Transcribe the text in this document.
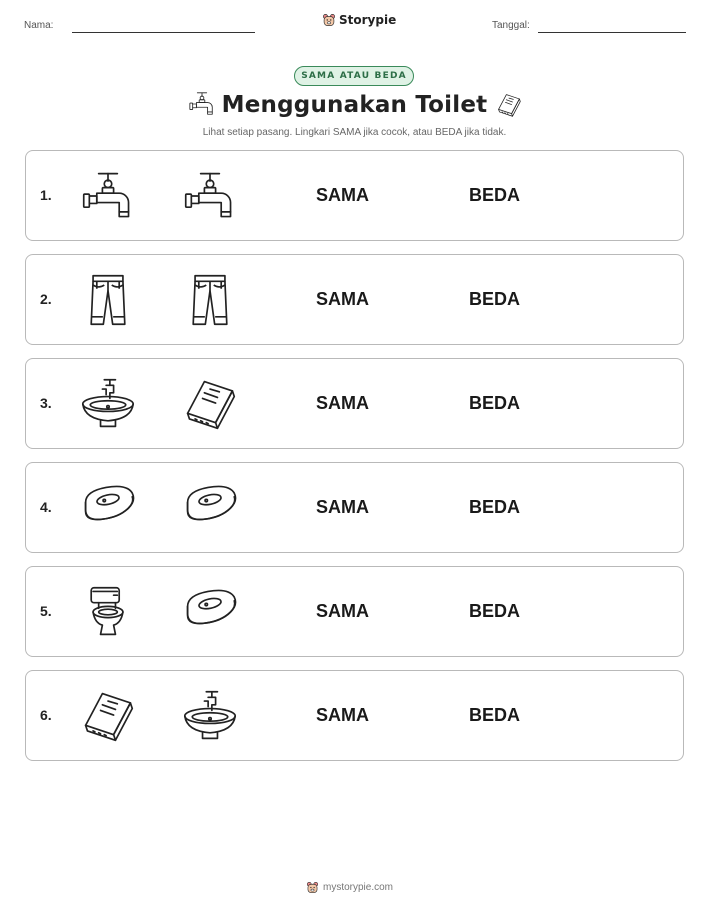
Nama:	Storypie	Tanggal:
SAMA ATAU BEDA
Menggunakan Toilet
Lihat setiap pasang. Lingkari SAMA jika cocok, atau BEDA jika tidak.
1.	SAMA	BEDA
2.	SAMA	BEDA
3.	SAMA	BEDA
4.	SAMA	BEDA
5.	SAMA	BEDA
6.	SAMA	BEDA
mystorypie.com
